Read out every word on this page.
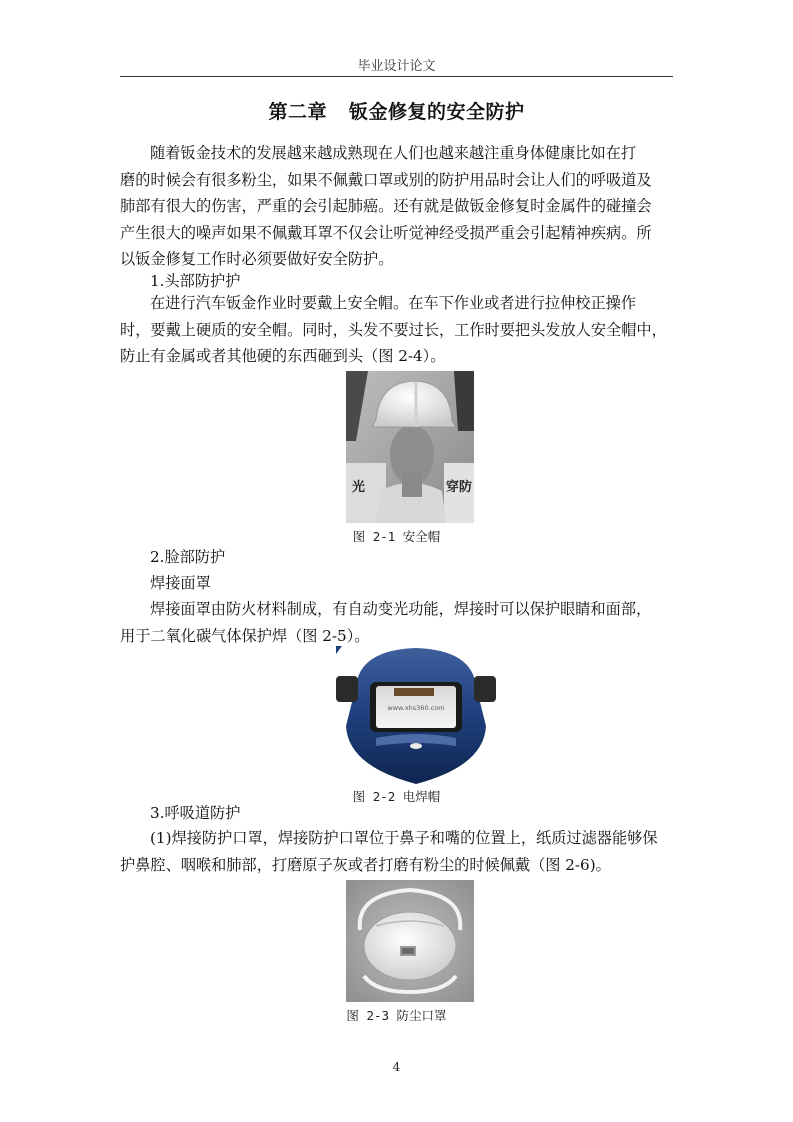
毕业设计论文
第二章 钣金修复的安全防护
随着钣金技术的发展越来越成熟现在人们也越来越注重身体健康比如在打
磨的时候会有很多粉尘，如果不佩戴口罩或别的防护用品时会让人们的呼吸道及
肺部有很大的伤害，严重的会引起肺癌。还有就是做钣金修复时金属件的碰撞会
产生很大的噪声如果不佩戴耳罩不仅会让听觉神经受损严重会引起精神疾病。所
以钣金修复工作时必须要做好安全防护。
1.头部防护护
在进行汽车钣金作业时要戴上安全帽。在车下作业或者进行拉伸校正操作
时，要戴上硬质的安全帽。同时，头发不要过长，工作时要把头发放人安全帽中，
防止有金属或者其他硬的东西砸到头（图 2-4）。
光	穿防
图 2-1 安全帽
2.脸部防护
焊接面罩
焊接面罩由防火材料制成，有自动变光功能，焊接时可以保护眼睛和面部，
用于二氧化碳气体保护焊（图 2-5）。
www.xhs360.com
图 2-2 电焊帽
3.呼吸道防护
(1)焊接防护口罩，焊接防护口罩位于鼻子和嘴的位置上，纸质过滤器能够保
护鼻腔、咽喉和肺部，打磨原子灰或者打磨有粉尘的时候佩戴（图 2-6)。
图 2-3 防尘口罩
4
